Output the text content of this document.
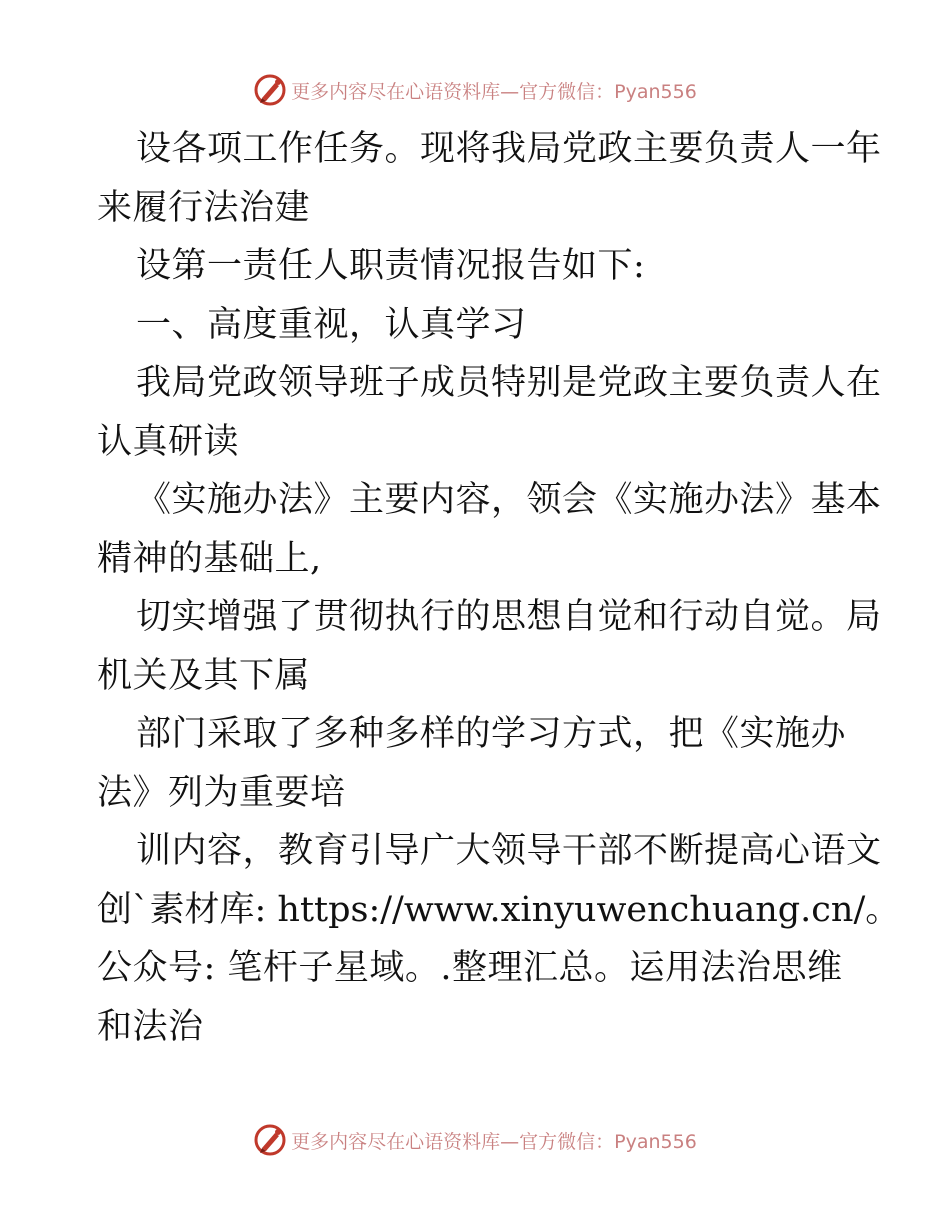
更多内容尽在心语资料库—官方微信：Pyan556
设各项工作任务。现将我局党政主要负责人一年
来履行法治建
设第一责任人职责情况报告如下:
一、高度重视，认真学习
我局党政领导班子成员特别是党政主要负责人在
认真研读
《实施办法》主要内容，领会《实施办法》基本
精神的基础上,
切实增强了贯彻执行的思想自觉和行动自觉。局
机关及其下属
部门采取了多种多样的学习方式，把《实施办
法》列为重要培
训内容，教育引导广大领导干部不断提高心语文
创`素材库: https://www.xinyuwenchuang.cn/。
公众号: 笔杆子星域。.整理汇总。运用法治思维
和法治
更多内容尽在心语资料库—官方微信：Pyan556
